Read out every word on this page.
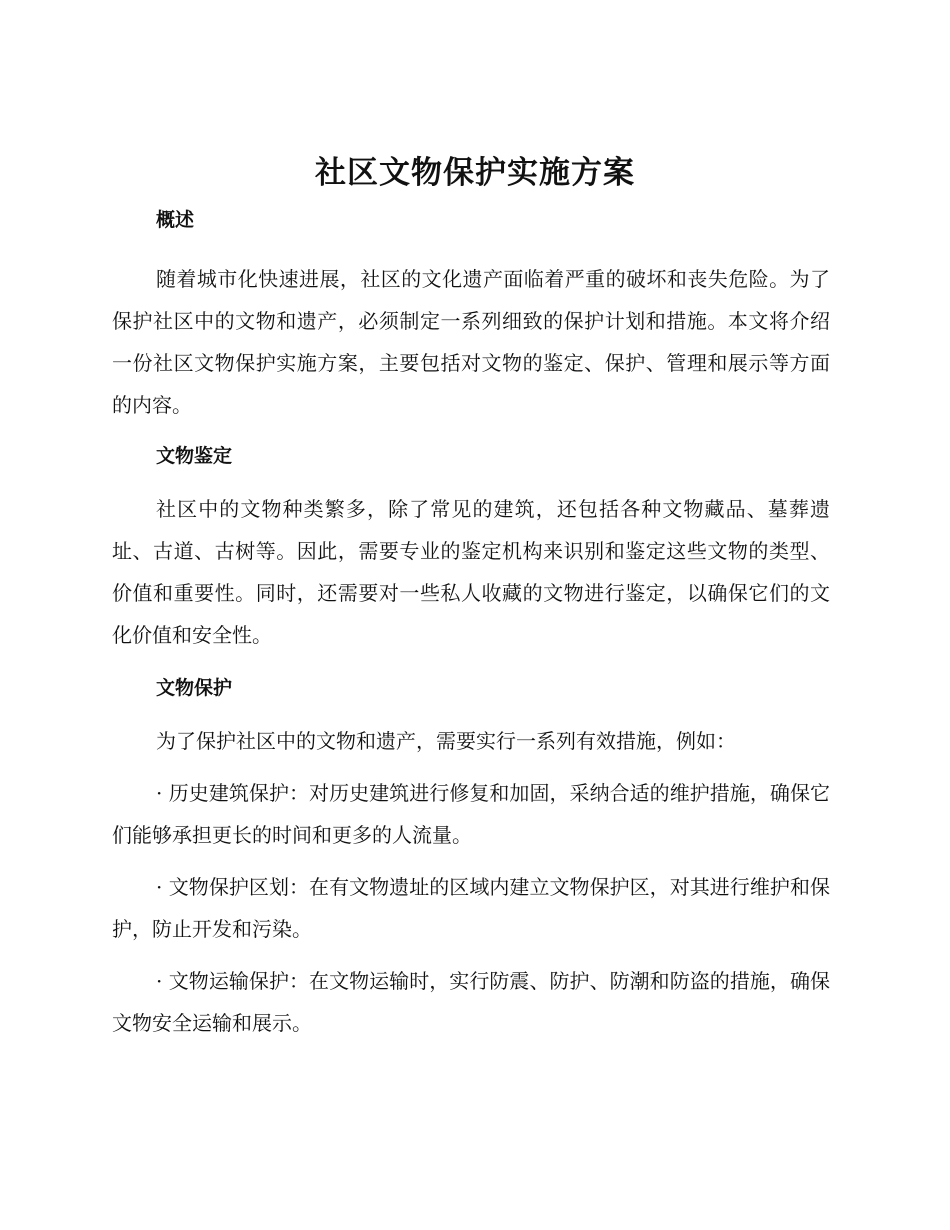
社区文物保护实施方案
概述

随着城市化快速进展，社区的文化遗产面临着严重的破坏和丧失危险。为了保护社区中的文物和遗产，必须制定一系列细致的保护计划和措施。本文将介绍一份社区文物保护实施方案，主要包括对文物的鉴定、保护、管理和展示等方面的内容。

文物鉴定

社区中的文物种类繁多，除了常见的建筑，还包括各种文物藏品、墓葬遗址、古道、古树等。因此，需要专业的鉴定机构来识别和鉴定这些文物的类型、价值和重要性。同时，还需要对一些私人收藏的文物进行鉴定，以确保它们的文化价值和安全性。

文物保护

为了保护社区中的文物和遗产，需要实行一系列有效措施，例如：

· 历史建筑保护：对历史建筑进行修复和加固，采纳合适的维护措施，确保它们能够承担更长的时间和更多的人流量。

· 文物保护区划：在有文物遗址的区域内建立文物保护区，对其进行维护和保护，防止开发和污染。

· 文物运输保护：在文物运输时，实行防震、防护、防潮和防盗的措施，确保文物安全运输和展示。
